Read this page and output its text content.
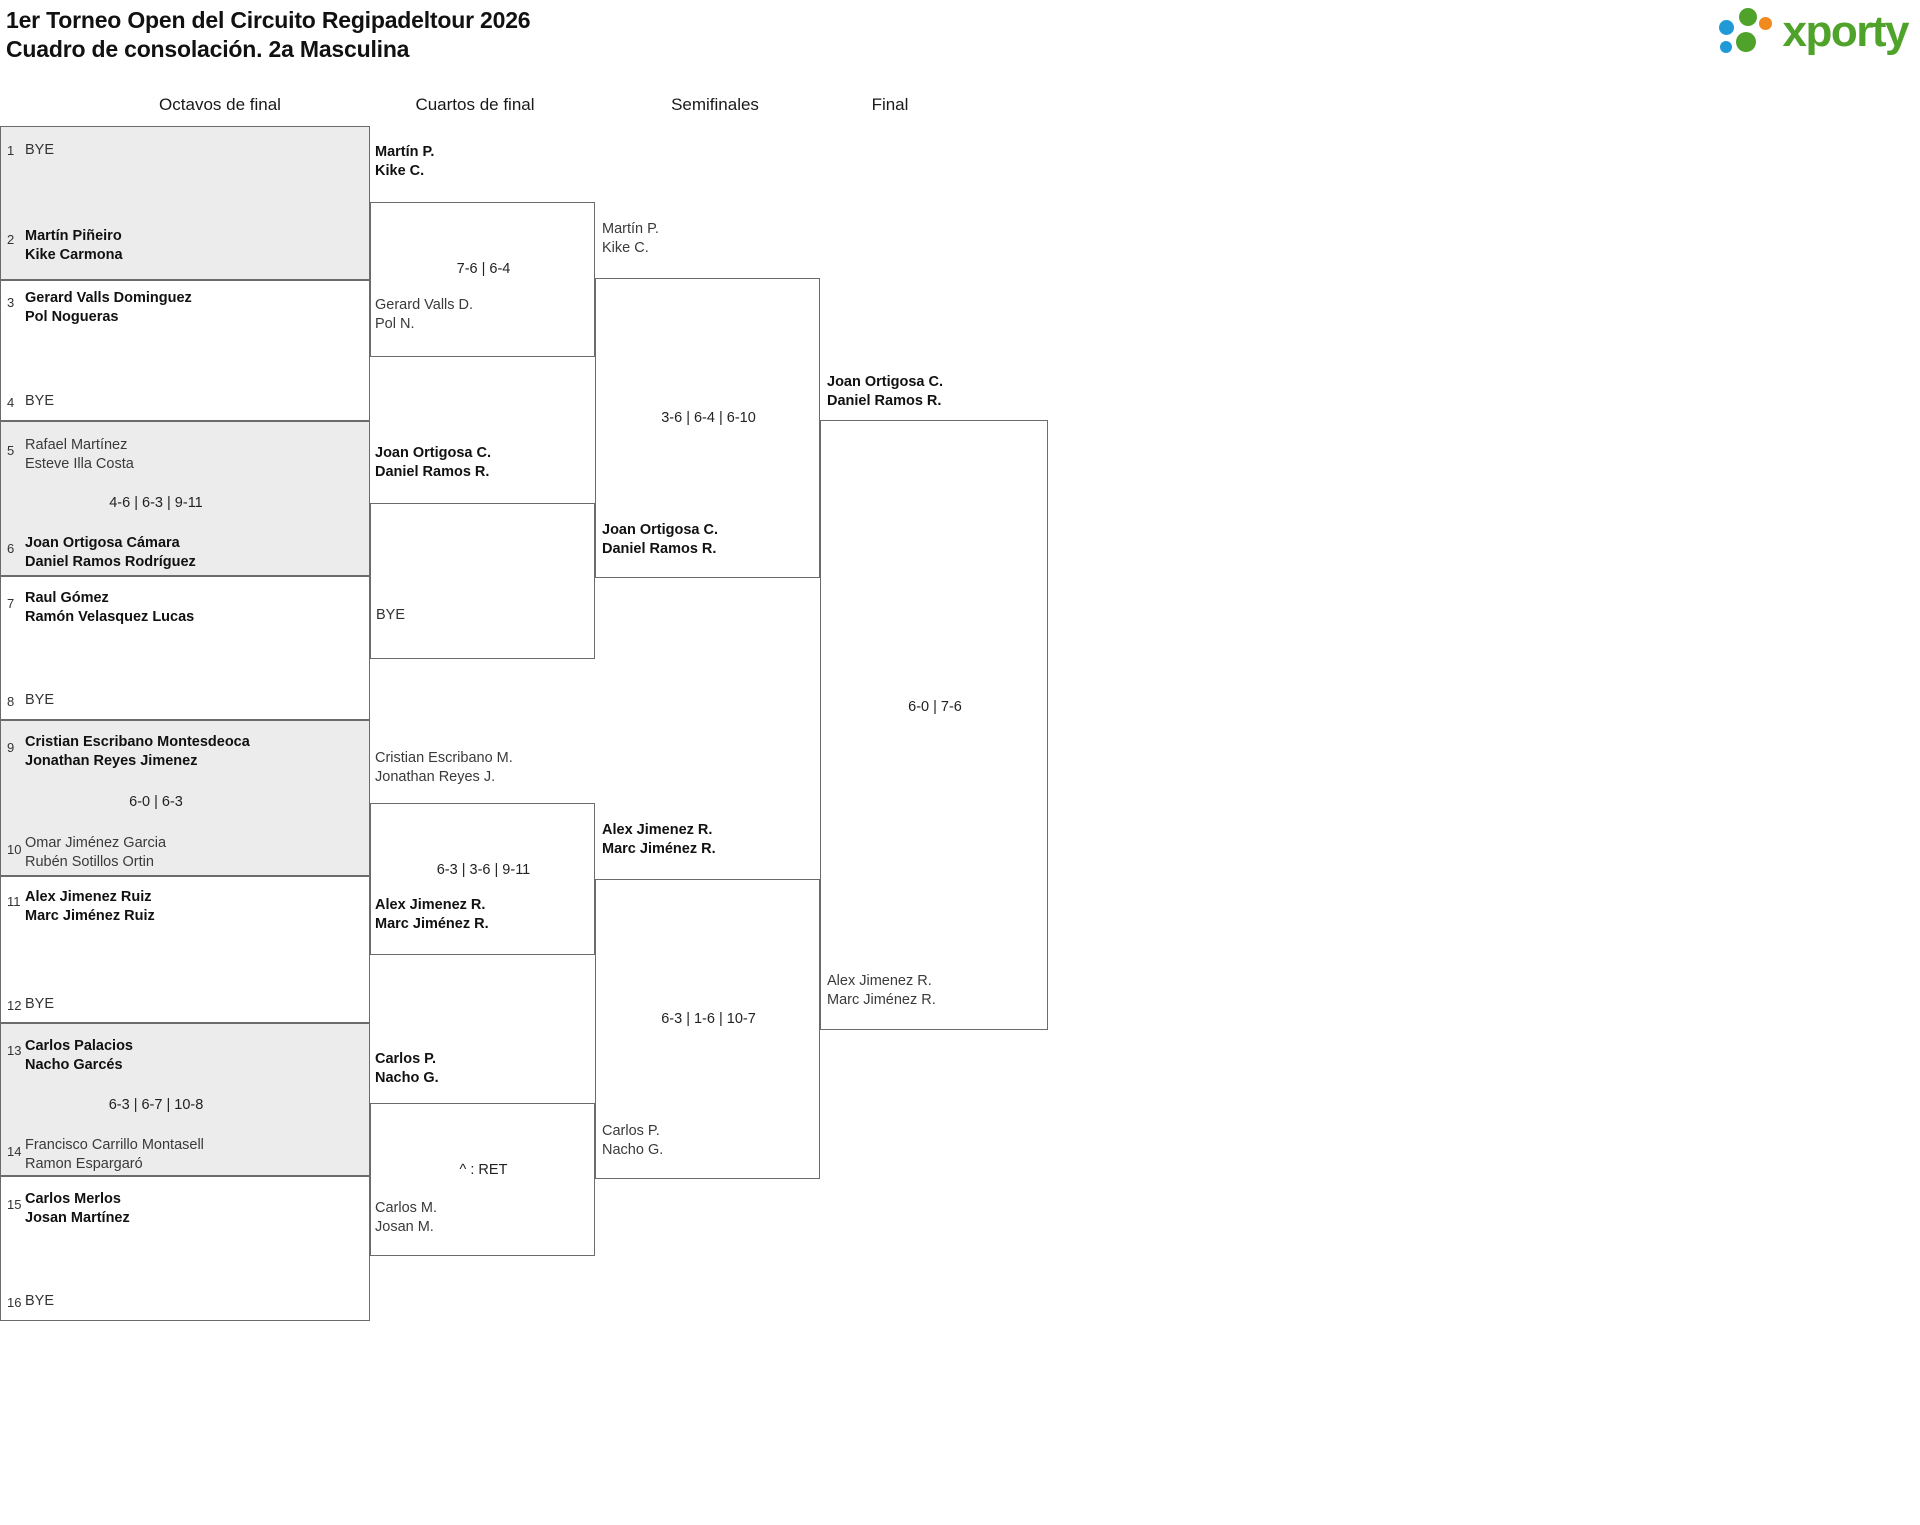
1er Torneo Open del Circuito Regipadeltour 2026
Cuadro de consolación. 2a Masculina	xporty
Octavos de final	Cuartos de final	Semifinales	Final
1 BYE
2 Martín Piñeiro
Kike Carmona
3 Gerard Valls Dominguez
Pol Nogueras
4 BYE
5 Rafael Martínez
Esteve Illa Costa
6 Joan Ortigosa Cámara
Daniel Ramos Rodríguez
4-6 | 6-3 | 9-11
7 Raul Gómez
Ramón Velasquez Lucas
8 BYE
9 Cristian Escribano Montesdeoca
Jonathan Reyes Jimenez
10 Omar Jiménez Garcia
Rubén Sotillos Ortin
6-0 | 6-3
11 Alex Jimenez Ruiz
Marc Jiménez Ruiz
12 BYE
13 Carlos Palacios
Nacho Garcés
14 Francisco Carrillo Montasell
Ramon Espargaró
6-3 | 6-7 | 10-8
15 Carlos Merlos
Josan Martínez
16 BYE
7-6 | 6-4
Martín P.
Kike C.
Gerard Valls D.
Pol N.
BYE
Joan Ortigosa C.
Daniel Ramos R.
6-3 | 3-6 | 9-11
Cristian Escribano M.
Jonathan Reyes J.
Alex Jimenez R.
Marc Jiménez R.
^ : RET
Carlos P.
Nacho G.
Carlos M.
Josan M.
3-6 | 6-4 | 6-10
Martín P.
Kike C.
Joan Ortigosa C.
Daniel Ramos R.
6-3 | 1-6 | 10-7
Alex Jimenez R.
Marc Jiménez R.
Carlos P.
Nacho G.
6-0 | 7-6
Joan Ortigosa C.
Daniel Ramos R.
Alex Jimenez R.
Marc Jiménez R.
